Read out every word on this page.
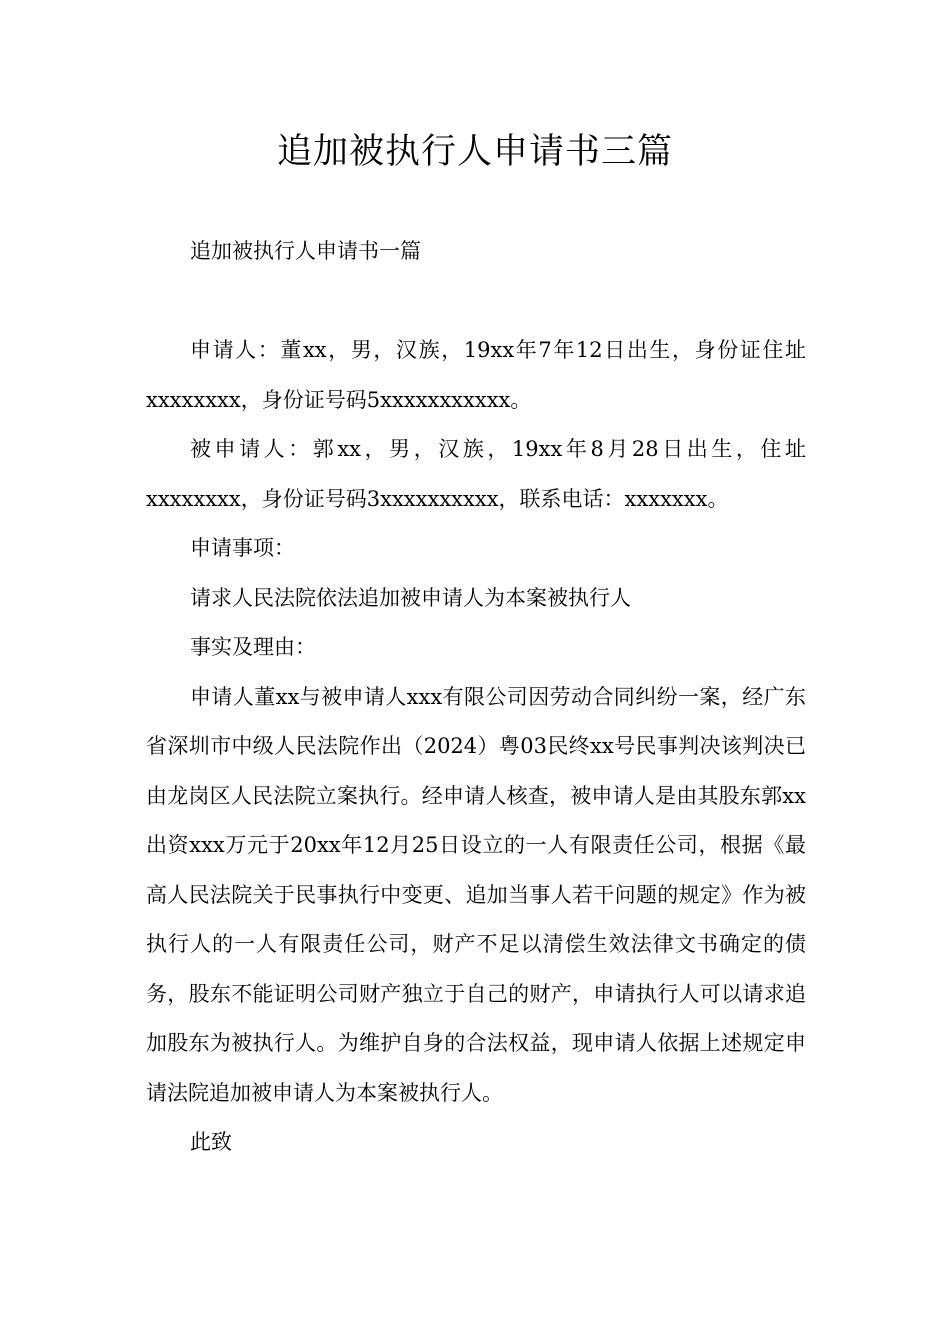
追加被执行人申请书三篇

追加被执行人申请书一篇

申请人：董xx，男，汉族，19xx年7年12日出生，身份证住址xxxxxxxx，身份证号码5xxxxxxxxxxx。

被申请人：郭xx，男，汉族，19xx年8月28日出生，住址xxxxxxxx，身份证号码3xxxxxxxxxx，联系电话：xxxxxxx。

申请事项：

请求人民法院依法追加被申请人为本案被执行人

事实及理由：

申请人董xx与被申请人xxx有限公司因劳动合同纠纷一案，经广东省深圳市中级人民法院作出（2024）粤03民终xx号民事判决该判决已由龙岗区人民法院立案执行。经申请人核查，被申请人是由其股东郭xx出资xxx万元于20xx年12月25日设立的一人有限责任公司，根据《最高人民法院关于民事执行中变更、追加当事人若干问题的规定》作为被执行人的一人有限责任公司，财产不足以清偿生效法律文书确定的债务，股东不能证明公司财产独立于自己的财产，申请执行人可以请求追加股东为被执行人。为维护自身的合法权益，现申请人依据上述规定申请法院追加被申请人为本案被执行人。

此致
